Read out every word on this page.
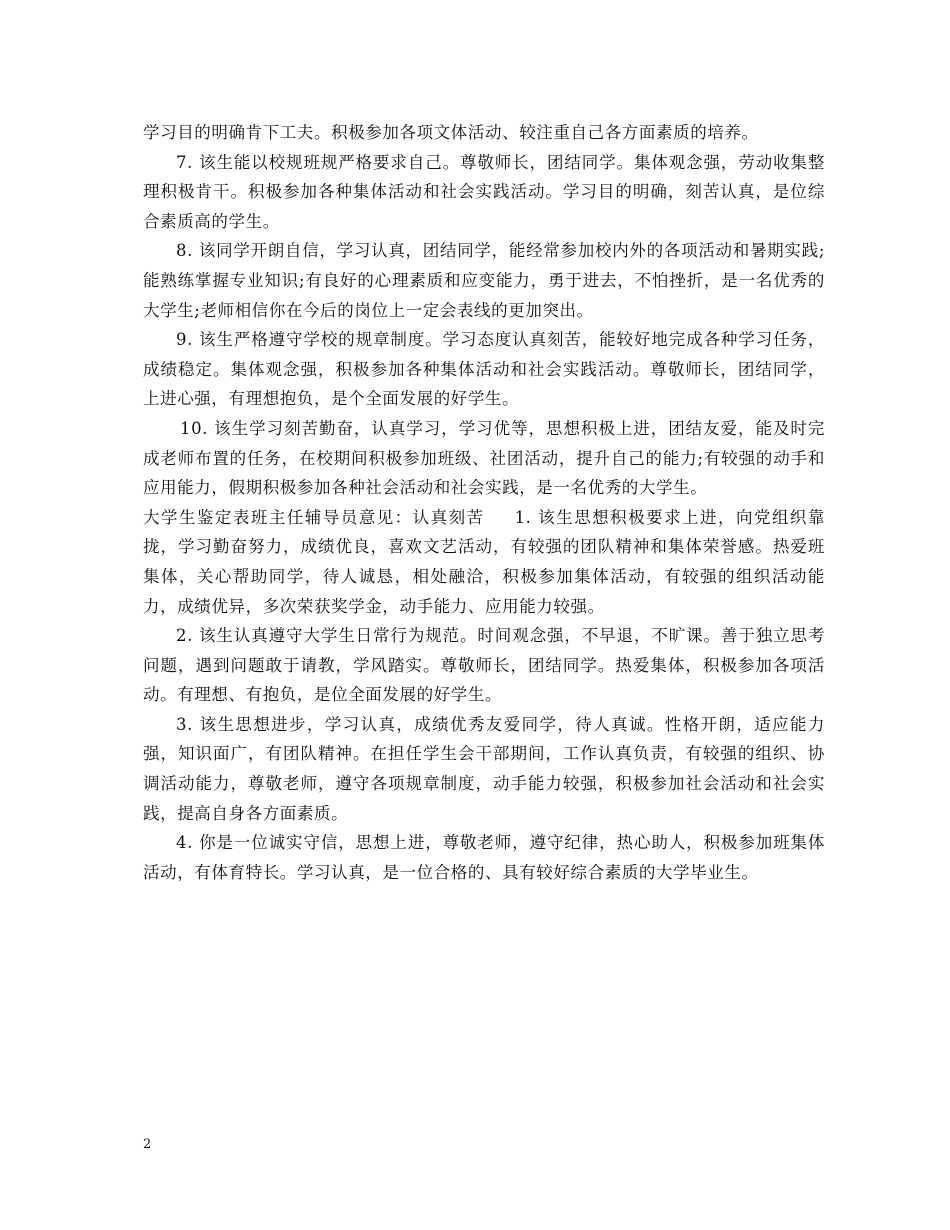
学习目的明确肯下工夫。积极参加各项文体活动、较注重自己各方面素质的培养。

7. 该生能以校规班规严格要求自己。尊敬师长，团结同学。集体观念强，劳动收集整理积极肯干。积极参加各种集体活动和社会实践活动。学习目的明确，刻苦认真，是位综合素质高的学生。

8. 该同学开朗自信，学习认真，团结同学，能经常参加校内外的各项活动和暑期实践;能熟练掌握专业知识;有良好的心理素质和应变能力，勇于进去，不怕挫折，是一名优秀的大学生;老师相信你在今后的岗位上一定会表线的更加突出。

9. 该生严格遵守学校的规章制度。学习态度认真刻苦，能较好地完成各种学习任务，成绩稳定。集体观念强，积极参加各种集体活动和社会实践活动。尊敬师长，团结同学，上进心强，有理想抱负，是个全面发展的好学生。

10. 该生学习刻苦勤奋，认真学习，学习优等，思想积极上进，团结友爱，能及时完成老师布置的任务，在校期间积极参加班级、社团活动，提升自己的能力;有较强的动手和应用能力，假期积极参加各种社会活动和社会实践，是一名优秀的大学生。

大学生鉴定表班主任辅导员意见：认真刻苦 1. 该生思想积极要求上进，向党组织靠拢，学习勤奋努力，成绩优良，喜欢文艺活动，有较强的团队精神和集体荣誉感。热爱班集体，关心帮助同学，待人诚恳，相处融洽，积极参加集体活动，有较强的组织活动能力，成绩优异，多次荣获奖学金，动手能力、应用能力较强。

2. 该生认真遵守大学生日常行为规范。时间观念强，不早退，不旷课。善于独立思考问题，遇到问题敢于请教，学风踏实。尊敬师长，团结同学。热爱集体，积极参加各项活动。有理想、有抱负，是位全面发展的好学生。

3. 该生思想进步，学习认真，成绩优秀友爱同学，待人真诚。性格开朗，适应能力强，知识面广，有团队精神。在担任学生会干部期间，工作认真负责，有较强的组织、协调活动能力，尊敬老师，遵守各项规章制度，动手能力较强，积极参加社会活动和社会实践，提高自身各方面素质。

4. 你是一位诚实守信，思想上进，尊敬老师，遵守纪律，热心助人，积极参加班集体活动，有体育特长。学习认真，是一位合格的、具有较好综合素质的大学毕业生。

2
